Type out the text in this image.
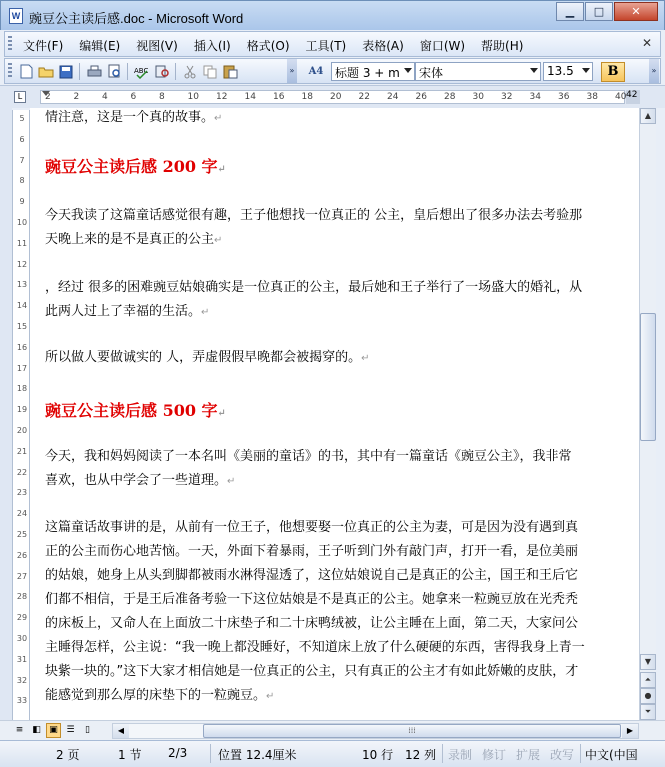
W 豌豆公主读后感.doc - Microsoft Word	▁ □ ✕
文件(F) 编辑(E) 视图(V) 插入(I) 格式(O) 工具(T) 表格(A) 窗口(W) 帮助(H)	✕
ABC	» A4 标题 3 + m	宋体	13.5	B	»
L	2	2	4	6	8	10 12 14 16 18 20 22 24 26 28 30 32 34 36 38 40 42
5
6
7
8
9
10
11
12
13
14
15
16
17
18
19
20
21
22
23
24
25
26
27
28
29
30
31
32
33
情注意，这是一个真的故事。↵
豌豆公主读后感 200 字↵
今天我读了这篇童话感觉很有趣，王子他想找一位真正的 公主，皇后想出了很多办法去考验那
天晚上来的是不是真正的公主↵
，经过 很多的困难豌豆姑娘确实是一位真正的公主，最后她和王子举行了一场盛大的婚礼，从
此两人过上了幸福的生活。↵
所以做人要做诚实的 人，弄虚假假早晚都会被揭穿的。↵
豌豆公主读后感 500 字↵
今天，我和妈妈阅读了一本名叫《美丽的童话》的书，其中有一篇童话《豌豆公主》，我非常
喜欢，也从中学会了一些道理。↵
这篇童话故事讲的是，从前有一位王子，他想要娶一位真正的公主为妻，可是因为没有遇到真
正的公主而伤心地苦恼。一天，外面下着暴雨，王子听到门外有敲门声，打开一看，是位美丽
的姑娘，她身上从头到脚都被雨水淋得湿透了，这位姑娘说自己是真正的公主，国王和王后它
们都不相信，于是王后准备考验一下这位姑娘是不是真正的公主。她拿来一粒豌豆放在光秃秃
的床板上，又命人在上面放二十床垫子和二十床鸭绒被，让公主睡在上面，第二天，大家问公
主睡得怎样，公主说：“我一晚上都没睡好，不知道床上放了什么硬硬的东西，害得我身上青一
块紫一块的。”这下大家才相信她是一位真正的公主，只有真正的公主才有如此娇嫩的皮肤，才
能感觉到那么厚的床垫下的一粒豌豆。↵
▲
▼
⏶
●
⏷
≡ ◧ ▣ ☰	▯	◀	⁞⁞⁞	▶
2 页	1 节 2/3	位置 12.4厘米	10 行 12 列 录制 修订 扩展 改写 中文(中国
